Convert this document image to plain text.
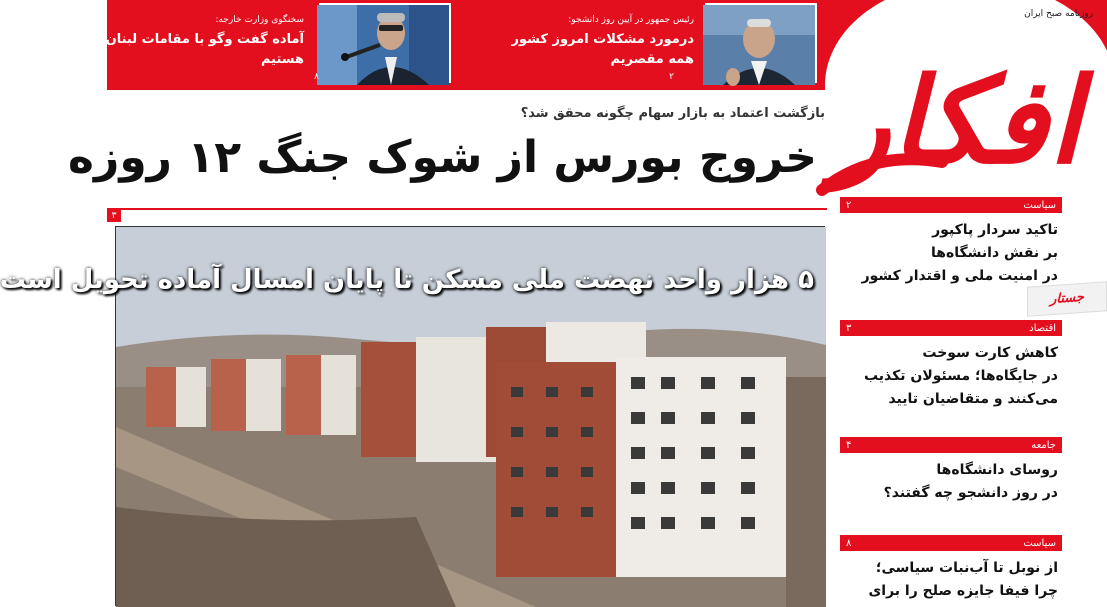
رئیس جمهور در آیین روز دانشجو:
درمورد مشکلات امروز کشور
همه مقصریم
۲
سخنگوی وزارت خارجه:
آماده گفت وگو با مقامات لبنان
هستیم
۸
روزنامه صبح ایران
افکار
بازگشت اعتماد به بازار سهام چگونه محقق شد؟
خروج بورس از شوک جنگ ۱۲ روزه
۳
۵ هزار واحد نهضت ملی مسکن تا پایان امسال آماده تحویل است
سیاست
۲
تاکید سردار پاکپور
بر نقش دانشگاه‌ها
در امنیت ملی و اقتدار کشور
اقتصاد
۳
کاهش کارت سوخت
در جایگاه‌ها؛ مسئولان تکذیب
می‌کنند و متقاضیان تایید
جامعه
۴
روسای دانشگاه‌ها
در روز دانشجو چه گفتند؟
سیاست
۸
از نوبل تا آب‌نبات سیاسی؛
چرا فیفا جایزه صلح را برای
جستار
